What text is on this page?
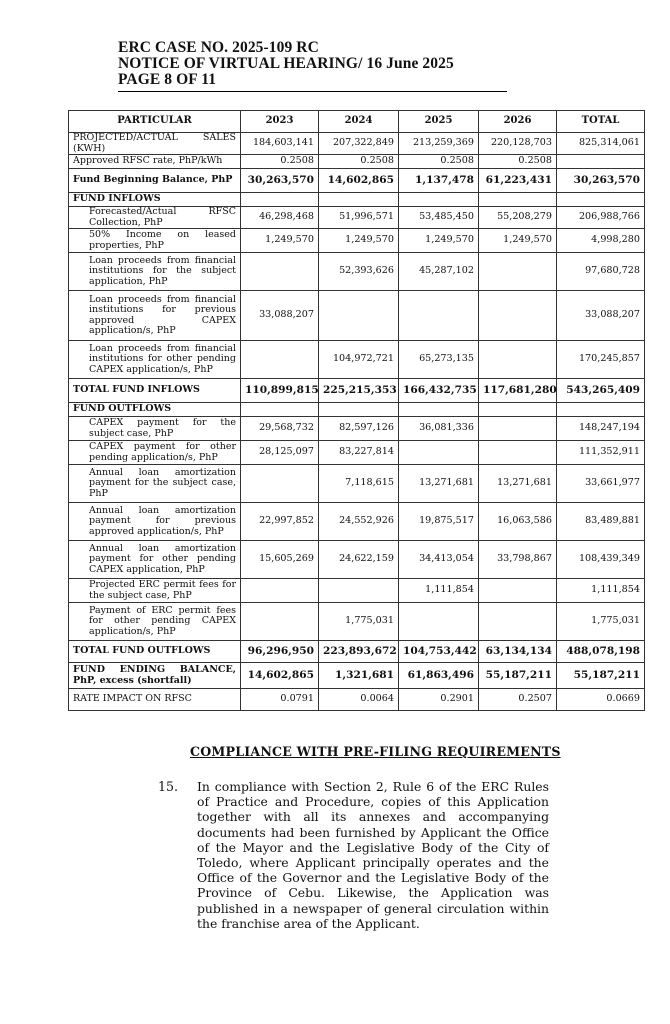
ERC CASE NO. 2025-109 RC
NOTICE OF VIRTUAL HEARING/ 16 June 2025
PAGE 8 OF 11
PARTICULAR	2023	2024	2025	2026	TOTAL
PROJECTED/ACTUAL SALES (KWH)	184,603,141	207,322,849	213,259,369	220,128,703	825,314,061
Approved RFSC rate, PhP/kWh	0.2508	0.2508	0.2508	0.2508	
Fund Beginning Balance, PhP	30,263,570	14,602,865	1,137,478	61,223,431	30,263,570
FUND INFLOWS					
Forecasted/Actual RFSC Collection, PhP	46,298,468	51,996,571	53,485,450	55,208,279	206,988,766
50% Income on leased properties, PhP	1,249,570	1,249,570	1,249,570	1,249,570	4,998,280
Loan proceeds from financial institutions for the subject application, PhP		52,393,626	45,287,102		97,680,728
Loan proceeds from financial institutions for previous approved CAPEX application/s, PhP	33,088,207				33,088,207
Loan proceeds from financial institutions for other pending CAPEX application/s, PhP		104,972,721	65,273,135		170,245,857
TOTAL FUND INFLOWS	110,899,815	225,215,353	166,432,735	117,681,280	543,265,409
FUND OUTFLOWS					
CAPEX payment for the subject case, PhP	29,568,732	82,597,126	36,081,336		148,247,194
CAPEX payment for other pending application/s, PhP	28,125,097	83,227,814			111,352,911
Annual loan amortization payment for the subject case, PhP		7,118,615	13,271,681	13,271,681	33,661,977
Annual loan amortization payment for previous approved application/s, PhP	22,997,852	24,552,926	19,875,517	16,063,586	83,489,881
Annual loan amortization payment for other pending CAPEX application, PhP	15,605,269	24,622,159	34,413,054	33,798,867	108,439,349
Projected ERC permit fees for the subject case, PhP			1,111,854		1,111,854
Payment of ERC permit fees for other pending CAPEX application/s, PhP		1,775,031			1,775,031
TOTAL FUND OUTFLOWS	96,296,950	223,893,672	104,753,442	63,134,134	488,078,198
FUND ENDING BALANCE, PhP, excess (shortfall)	14,602,865	1,321,681	61,863,496	55,187,211	55,187,211
RATE IMPACT ON RFSC	0.0791	0.0064	0.2901	0.2507	0.0669
COMPLIANCE WITH PRE-FILING REQUIREMENTS
15. In compliance with Section 2, Rule 6 of the ERC Rules of Practice and Procedure, copies of this Application together with all its annexes and accompanying documents had been furnished by Applicant the Office of the Mayor and the Legislative Body of the City of Toledo, where Applicant principally operates and the Office of the Governor and the Legislative Body of the Province of Cebu. Likewise, the Application was published in a newspaper of general circulation within the franchise area of the Applicant.
